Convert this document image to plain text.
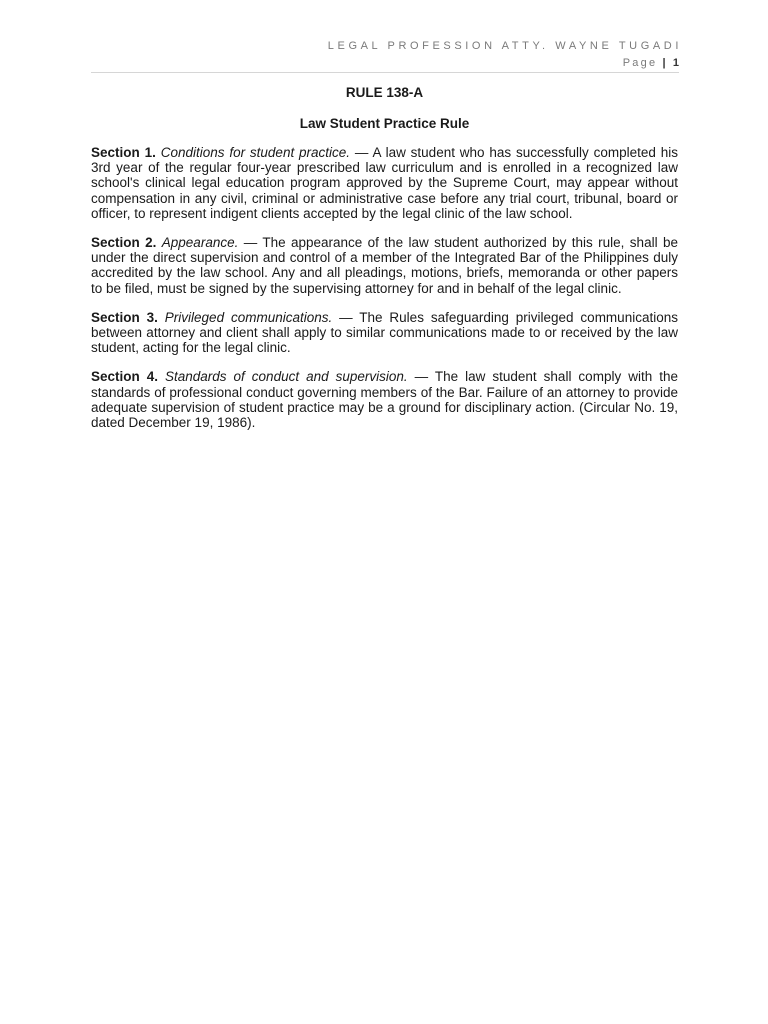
LEGAL PROFESSION ATTY. WAYNE TUGADI
Page | 1
RULE 138-A
Law Student Practice Rule

Section 1. Conditions for student practice. — A law student who has successfully completed his 3rd year of the regular four-year prescribed law curriculum and is enrolled in a recognized law school's clinical legal education program approved by the Supreme Court, may appear without compensation in any civil, criminal or administrative case before any trial court, tribunal, board or officer, to represent indigent clients accepted by the legal clinic of the law school.

Section 2. Appearance. — The appearance of the law student authorized by this rule, shall be under the direct supervision and control of a member of the Integrated Bar of the Philippines duly accredited by the law school. Any and all pleadings, motions, briefs, memoranda or other papers to be filed, must be signed by the supervising attorney for and in behalf of the legal clinic.

Section 3. Privileged communications. — The Rules safeguarding privileged communications between attorney and client shall apply to similar communications made to or received by the law student, acting for the legal clinic.

Section 4. Standards of conduct and supervision. — The law student shall comply with the standards of professional conduct governing members of the Bar. Failure of an attorney to provide adequate supervision of student practice may be a ground for disciplinary action. (Circular No. 19, dated December 19, 1986).
